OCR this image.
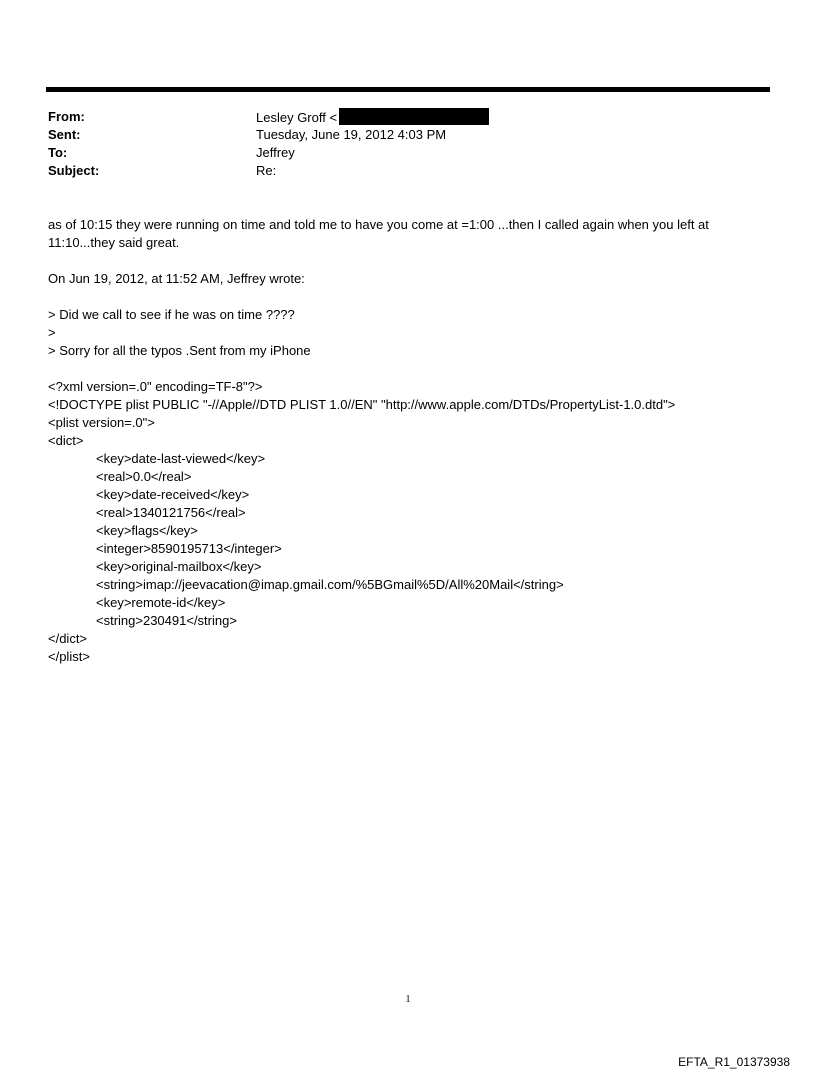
From:	Lesley Groff <
Sent:	Tuesday, June 19, 2012 4:03 PM
To:	Jeffrey
Subject:	Re:

as of 10:15 they were running on time and told me to have you come at =1:00 ...then I called again when you left at

11:10...they said great.

On Jun 19, 2012, at 11:52 AM, Jeffrey wrote:

> Did we call to see if he was on time ????

>

> Sorry for all the typos .Sent from my iPhone

<?xml version=.0" encoding=TF-8"?>

<!DOCTYPE plist PUBLIC "-//Apple//DTD PLIST 1.0//EN" "http://www.apple.com/DTDs/PropertyList-1.0.dtd">

<plist version=.0">

<dict>

<key>date-last-viewed</key>

<real>0.0</real>

<key>date-received</key>

<real>1340121756</real>

<key>flags</key>

<integer>8590195713</integer>

<key>original-mailbox</key>

<string>imap://jeevacation@imap.gmail.com/%5BGmail%5D/All%20Mail</string>

<key>remote-id</key>

<string>230491</string>

</dict>

</plist>

1
EFTA_R1_01373938
